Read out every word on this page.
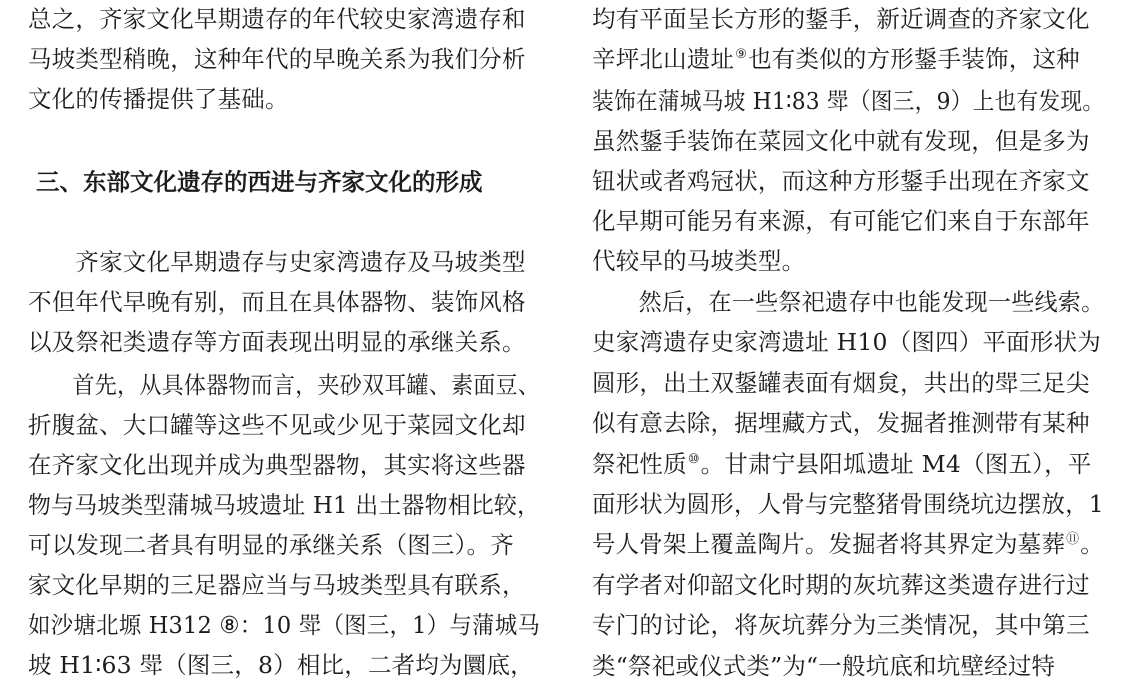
总之，齐家文化早期遗存的年代较史家湾遗存和
马坡类型稍晚，这种年代的早晚关系为我们分析
文化的传播提供了基础。
三、东部文化遗存的西进与齐家文化的形成
　　齐家文化早期遗存与史家湾遗存及马坡类型
不但年代早晚有别，而且在具体器物、装饰风格
以及祭祀类遗存等方面表现出明显的承继关系。
　　首先，从具体器物而言，夹砂双耳罐、素面豆、
折腹盆、大口罐等这些不见或少见于菜园文化却
在齐家文化出现并成为典型器物，其实将这些器
物与马坡类型蒲城马坡遗址 H1 出土器物相比较，
可以发现二者具有明显的承继关系（图三）。齐
家文化早期的三足器应当与马坡类型具有联系，
如沙塘北塬 H312 ⑧：10 斝（图三，1）与蒲城马
坡 H1∶63 斝（图三，8）相比，二者均为圜底，
均有平面呈长方形的鋬手，新近调查的齐家文化
辛坪北山遗址⑨也有类似的方形鋬手装饰，这种
装饰在蒲城马坡 H1∶83 斝（图三，9）上也有发现。
虽然鋬手装饰在菜园文化中就有发现，但是多为
钮状或者鸡冠状，而这种方形鋬手出现在齐家文
化早期可能另有来源，有可能它们来自于东部年
代较早的马坡类型。
　　然后，在一些祭祀遗存中也能发现一些线索。
史家湾遗存史家湾遗址 H10（图四）平面形状为
圆形，出土双鋬罐表面有烟炱，共出的斝三足尖
似有意去除，据埋藏方式，发掘者推测带有某种
祭祀性质⑩。甘肃宁县阳坬遗址 M4（图五），平
面形状为圆形，人骨与完整猪骨围绕坑边摆放，1
号人骨架上覆盖陶片。发掘者将其界定为墓葬⑪。
有学者对仰韶文化时期的灰坑葬这类遗存进行过
专门的讨论，将灰坑葬分为三类情况，其中第三
类“祭祀或仪式类”为“一般坑底和坑壁经过特
